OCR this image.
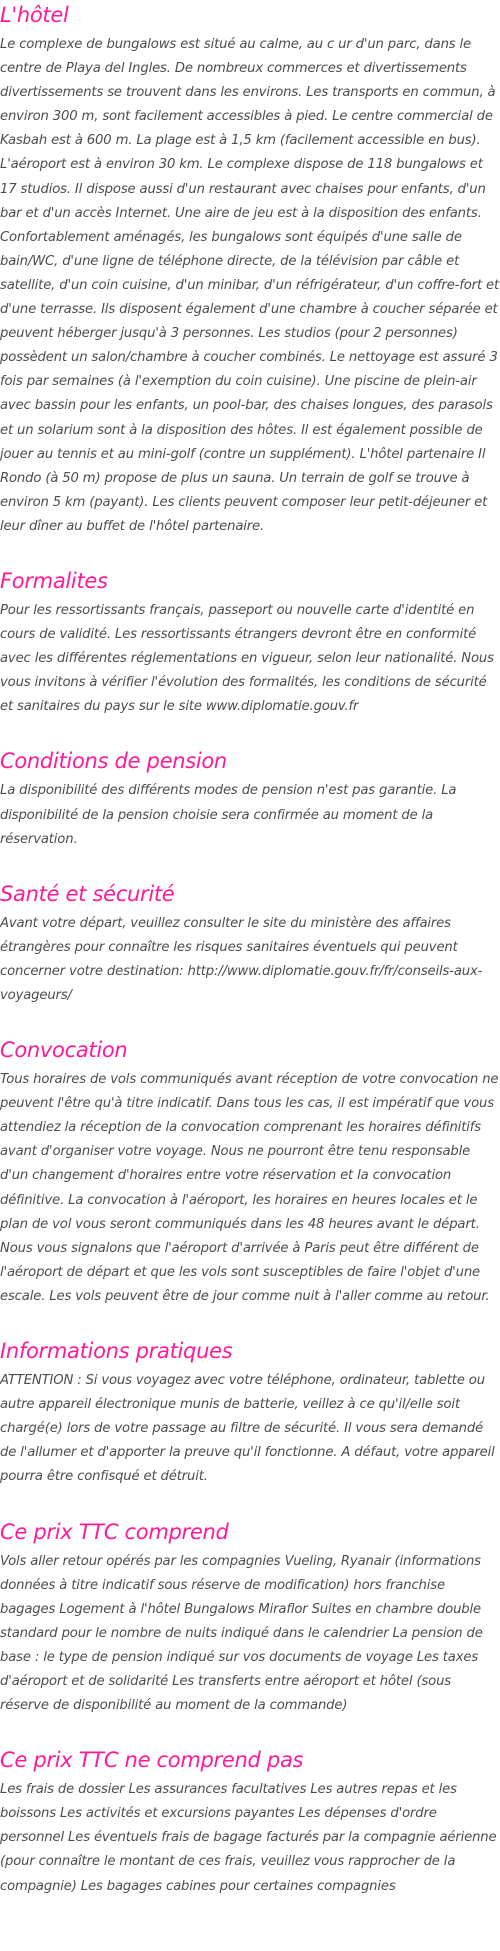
L'hôtel

Le complexe de bungalows est situé au calme, au c ur d'un parc, dans le centre de Playa del Ingles. De nombreux commerces et divertissements divertissements se trouvent dans les environs. Les transports en commun, à environ 300 m, sont facilement accessibles à pied. Le centre commercial de Kasbah est à 600 m. La plage est à 1,5 km (facilement accessible en bus). L'aéroport est à environ 30 km. Le complexe dispose de 118 bungalows et 17 studios. Il dispose aussi d'un restaurant avec chaises pour enfants, d'un bar et d'un accès Internet. Une aire de jeu est à la disposition des enfants. Confortablement aménagés, les bungalows sont équipés d'une salle de bain/WC, d'une ligne de téléphone directe, de la télévision par câble et satellite, d'un coin cuisine, d'un minibar, d'un réfrigérateur, d'un coffre-fort et d'une terrasse. Ils disposent également d'une chambre à coucher séparée et peuvent héberger jusqu'à 3 personnes. Les studios (pour 2 personnes) possèdent un salon/chambre à coucher combinés. Le nettoyage est assuré 3 fois par semaines (à l'exemption du coin cuisine). Une piscine de plein-air avec bassin pour les enfants, un pool-bar, des chaises longues, des parasols et un solarium sont à la disposition des hôtes. Il est également possible de jouer au tennis et au mini-golf (contre un supplément). L'hôtel partenaire Il Rondo (à 50 m) propose de plus un sauna. Un terrain de golf se trouve à environ 5 km (payant). Les clients peuvent composer leur petit-déjeuner et leur dîner au buffet de l'hôtel partenaire.

Formalites

Pour les ressortissants français, passeport ou nouvelle carte d'identité en cours de validité. Les ressortissants étrangers devront être en conformité avec les différentes réglementations en vigueur, selon leur nationalité. Nous vous invitons à vérifier l'évolution des formalités, les conditions de sécurité et sanitaires du pays sur le site www.diplomatie.gouv.fr

Conditions de pension

La disponibilité des différents modes de pension n'est pas garantie. La disponibilité de la pension choisie sera confirmée au moment de la réservation.

Santé et sécurité

Avant votre départ, veuillez consulter le site du ministère des affaires étrangères pour connaître les risques sanitaires éventuels qui peuvent concerner votre destination: http://www.diplomatie.gouv.fr/fr/conseils-aux-voyageurs/

Convocation

Tous horaires de vols communiqués avant réception de votre convocation ne peuvent l'être qu'à titre indicatif. Dans tous les cas, il est impératif que vous attendiez la réception de la convocation comprenant les horaires définitifs avant d'organiser votre voyage. Nous ne pourront être tenu responsable d'un changement d'horaires entre votre réservation et la convocation définitive. La convocation à l'aéroport, les horaires en heures locales et le plan de vol vous seront communiqués dans les 48 heures avant le départ. Nous vous signalons que l'aéroport d'arrivée à Paris peut être différent de l'aéroport de départ et que les vols sont susceptibles de faire l'objet d'une escale. Les vols peuvent être de jour comme nuit à l'aller comme au retour.

Informations pratiques

ATTENTION : Si vous voyagez avec votre téléphone, ordinateur, tablette ou autre appareil électronique munis de batterie, veillez à ce qu'il/elle soit chargé(e) lors de votre passage au filtre de sécurité. Il vous sera demandé de l'allumer et d'apporter la preuve qu'il fonctionne. A défaut, votre appareil pourra être confisqué et détruit.

Ce prix TTC comprend

Vols aller retour opérés par les compagnies Vueling, Ryanair (informations données à titre indicatif sous réserve de modification) hors franchise bagages Logement à l'hôtel Bungalows Miraflor Suites en chambre double standard pour le nombre de nuits indiqué dans le calendrier La pension de base : le type de pension indiqué sur vos documents de voyage Les taxes d'aéroport et de solidarité Les transferts entre aéroport et hôtel (sous réserve de disponibilité au moment de la commande)

Ce prix TTC ne comprend pas

Les frais de dossier Les assurances facultatives Les autres repas et les boissons Les activités et excursions payantes Les dépenses d'ordre personnel Les éventuels frais de bagage facturés par la compagnie aérienne (pour connaître le montant de ces frais, veuillez vous rapprocher de la compagnie) Les bagages cabines pour certaines compagnies
